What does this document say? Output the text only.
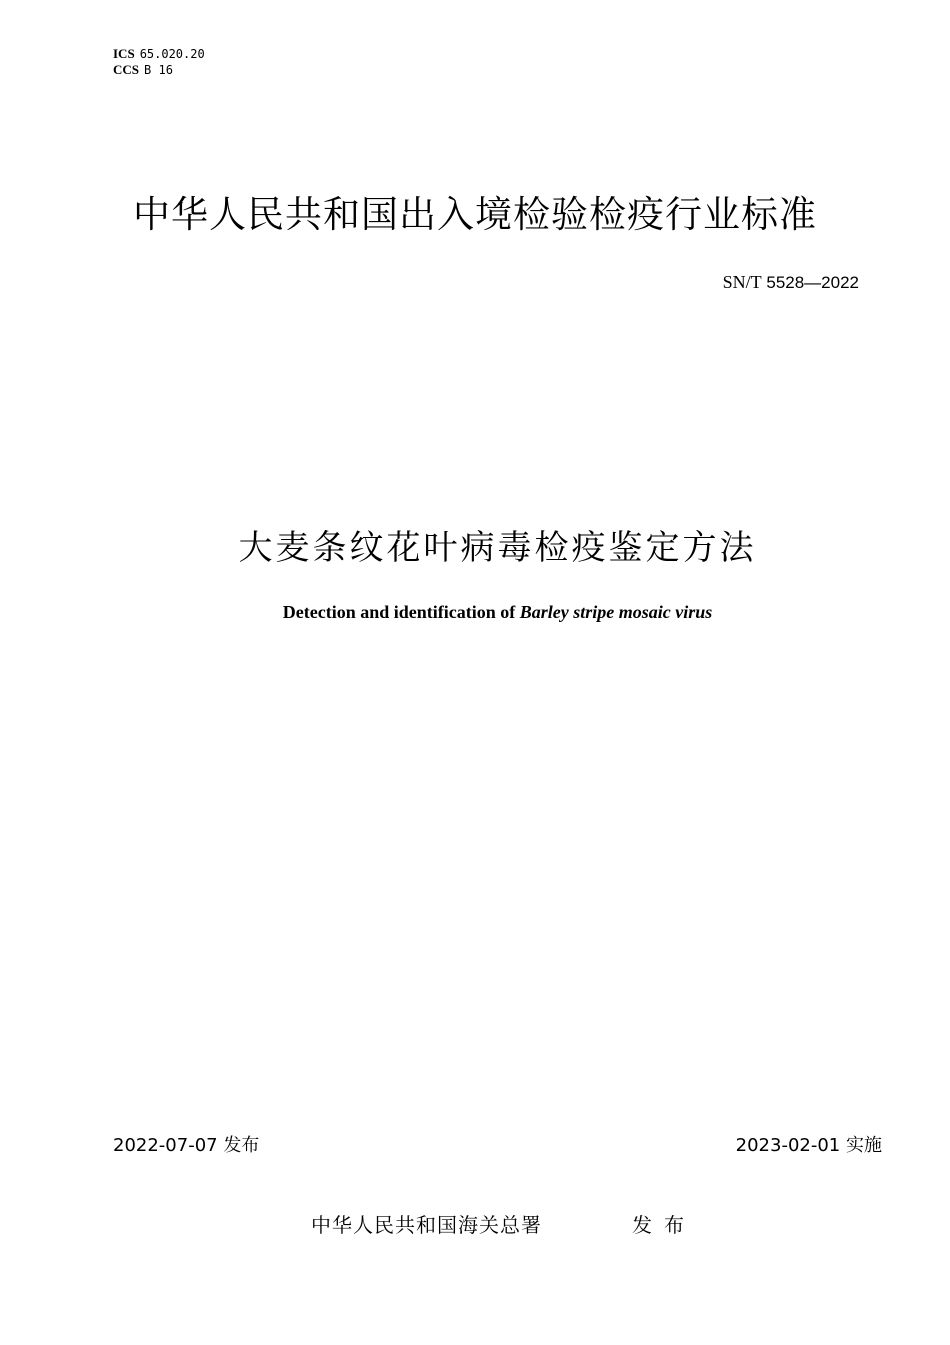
ICS 65.020.20
CCS B 16
中华人民共和国出入境检验检疫行业标准
SN/T 5528—2022
大麦条纹花叶病毒检疫鉴定方法
Detection and identification of Barley stripe mosaic virus
2022-07-07 发布	2023-02-01 实施
中华人民共和国海关总署	发布
